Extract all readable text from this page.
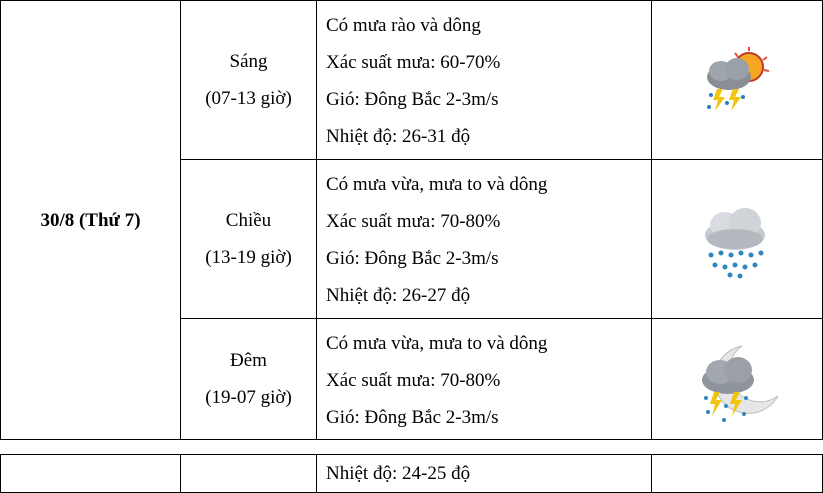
30/8 (Thứ 7)
Sáng
(07-13 giờ)
Có mưa rào và dông
Xác suất mưa: 60-70%
Gió: Đông Bắc 2-3m/s
Nhiệt độ: 26-31 độ
Chiều
(13-19 giờ)
Có mưa vừa, mưa to và dông
Xác suất mưa: 70-80%
Gió: Đông Bắc 2-3m/s
Nhiệt độ: 26-27 độ
Đêm
(19-07 giờ)
Có mưa vừa, mưa to và dông
Xác suất mưa: 70-80%
Gió: Đông Bắc 2-3m/s
Nhiệt độ: 24-25 độ
